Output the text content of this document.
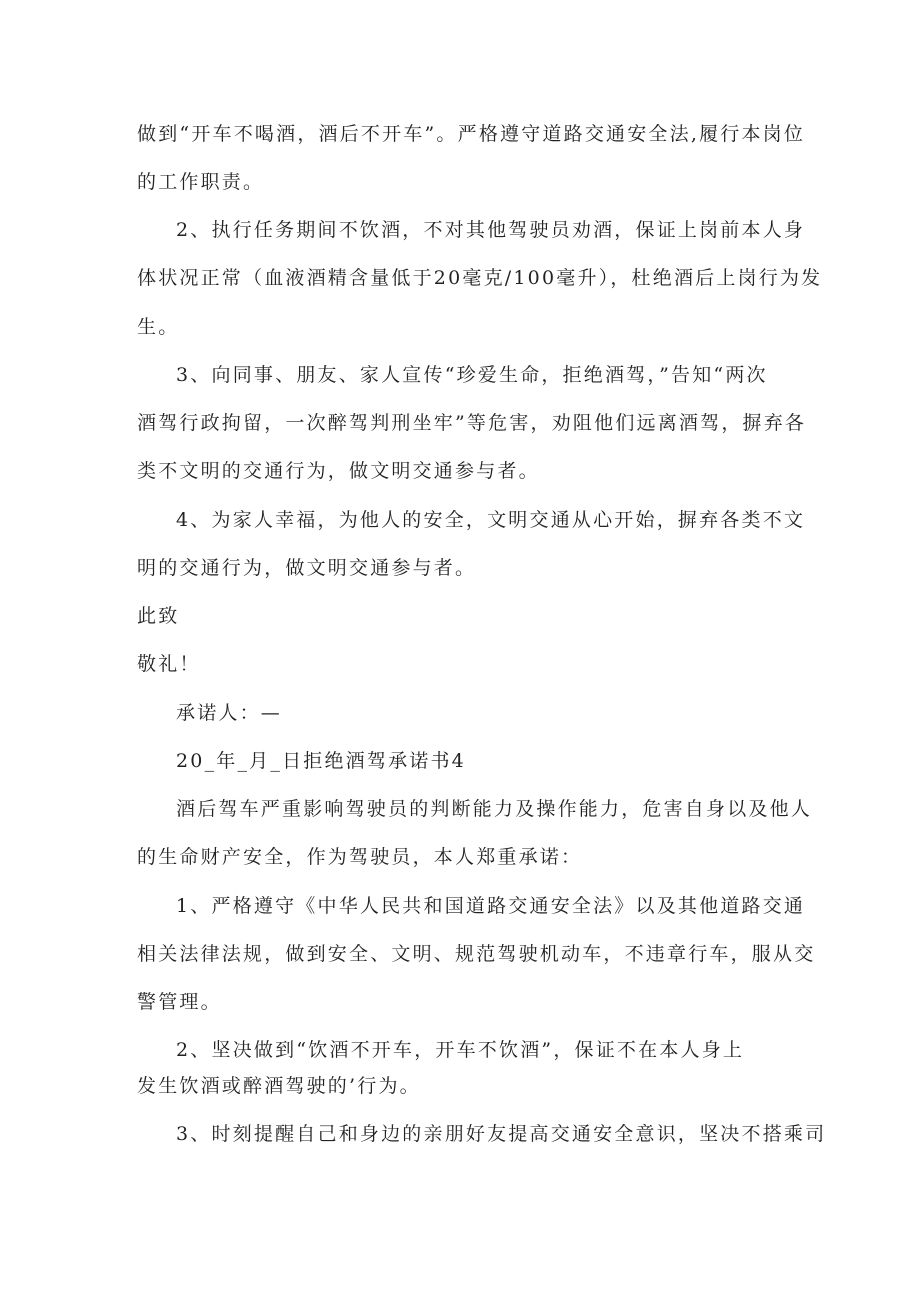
做到“开车不喝酒，酒后不开车”。严格遵守道路交通安全法,履行本岗位
的工作职责。
2、执行任务期间不饮酒，不对其他驾驶员劝酒，保证上岗前本人身
体状况正常（血液酒精含量低于20毫克/100毫升），杜绝酒后上岗行为发
生。
3、向同事、朋友、家人宣传“珍爱生命，拒绝酒驾，”告知“两次
酒驾行政拘留，一次醉驾判刑坐牢”等危害，劝阻他们远离酒驾，摒弃各
类不文明的交通行为，做文明交通参与者。
4、为家人幸福，为他人的安全，文明交通从心开始，摒弃各类不文
明的交通行为，做文明交通参与者。
此致
敬礼！
承诺人：—
20_年_月_日拒绝酒驾承诺书4
酒后驾车严重影响驾驶员的判断能力及操作能力，危害自身以及他人
的生命财产安全，作为驾驶员，本人郑重承诺：
1、严格遵守《中华人民共和国道路交通安全法》以及其他道路交通
相关法律法规，做到安全、文明、规范驾驶机动车，不违章行车，服从交
警管理。
2、坚决做到“饮酒不开车，开车不饮酒”，保证不在本人身上
发生饮酒或醉酒驾驶的’行为。
3、时刻提醒自己和身边的亲朋好友提高交通安全意识，坚决不搭乘司
